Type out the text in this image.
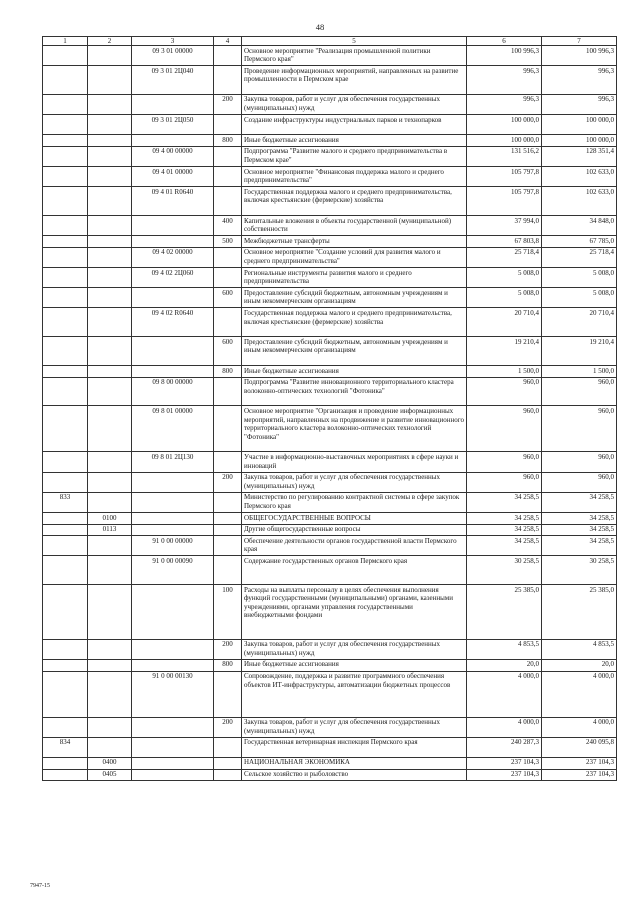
48
1	2	3	4	5	6	7
		09 3 01 00000		Основное мероприятие "Реализация промышленной политики Пермского края"	100 996,3	100 996,3
		09 3 01 2Ц040		Проведение информационных мероприятий, направленных на развитие промышленности в Пермском крае	996,3	996,3
			200	Закупка товаров, работ и услуг для обеспечения государственных (муниципальных) нужд	996,3	996,3
		09 3 01 2Ц050		Создание инфраструктуры индустриальных парков и технопарков	100 000,0	100 000,0
			800	Иные бюджетные ассигнования	100 000,0	100 000,0
		09 4 00 00000		Подпрограмма "Развитие малого и среднего предпринимательства в Пермском крае"	131 516,2	128 351,4
		09 4 01 00000		Основное мероприятие "Финансовая поддержка малого и среднего предпринимательства"	105 797,8	102 633,0
		09 4 01 R0640		Государственная поддержка малого и среднего предпринимательства, включая крестьянские (фермерские) хозяйства	105 797,8	102 633,0
			400	Капитальные вложения в объекты государственной (муниципальной) собственности	37 994,0	34 848,0
			500	Межбюджетные трансферты	67 803,8	67 785,0
		09 4 02 00000		Основное мероприятие "Создание условий для развития малого и среднего предпринимательства"	25 718,4	25 718,4
		09 4 02 2Ц060		Региональные инструменты развития малого и среднего предпринимательства	5 008,0	5 008,0
			600	Предоставление субсидий бюджетным, автономным учреждениям и иным некоммерческим организациям	5 008,0	5 008,0
		09 4 02 R0640		Государственная поддержка малого и среднего предпринимательства, включая крестьянские (фермерские) хозяйства	20 710,4	20 710,4
			600	Предоставление субсидий бюджетным, автономным учреждениям и иным некоммерческим организациям	19 210,4	19 210,4
			800	Иные бюджетные ассигнования	1 500,0	1 500,0
		09 8 00 00000		Подпрограмма "Развитие инновационного территориального кластера волоконно-оптических технологий "Фотоника"	960,0	960,0
		09 8 01 00000		Основное мероприятие "Организация и проведение информационных мероприятий, направленных на продвижение и развитие инновационного территориального кластера волоконно-оптических технологий "Фотоника"	960,0	960,0
		09 8 01 2Ц130		Участие в информационно-выставочных мероприятиях в сфере науки и инноваций	960,0	960,0
			200	Закупка товаров, работ и услуг для обеспечения государственных (муниципальных) нужд	960,0	960,0
833				Министерство по регулированию контрактной системы в сфере закупок Пермского края	34 258,5	34 258,5
	0100			ОБЩЕГОСУДАРСТВЕННЫЕ ВОПРОСЫ	34 258,5	34 258,5
	0113			Другие общегосударственные вопросы	34 258,5	34 258,5
		91 0 00 00000		Обеспечение деятельности органов государственной власти Пермского края	34 258,5	34 258,5
		91 0 00 00090		Содержание государственных органов Пермского края	30 258,5	30 258,5
			100	Расходы на выплаты персоналу в целях обеспечения выполнения функций государственными (муниципальными) органами, казенными учреждениями, органами управления государственными внебюджетными фондами	25 385,0	25 385,0
			200	Закупка товаров, работ и услуг для обеспечения государственных (муниципальных) нужд	4 853,5	4 853,5
			800	Иные бюджетные ассигнования	20,0	20,0
		91 0 00 00130		Сопровождение, поддержка и развитие программного обеспечения объектов ИТ-инфраструктуры, автоматизации бюджетных процессов	4 000,0	4 000,0
			200	Закупка товаров, работ и услуг для обеспечения государственных (муниципальных) нужд	4 000,0	4 000,0
834				Государственная ветеринарная инспекция Пермского края	240 287,3	240 095,8
	0400			НАЦИОНАЛЬНАЯ ЭКОНОМИКА	237 104,3	237 104,3
	0405			Сельское хозяйство и рыболовство	237 104,3	237 104,3
7947-15
